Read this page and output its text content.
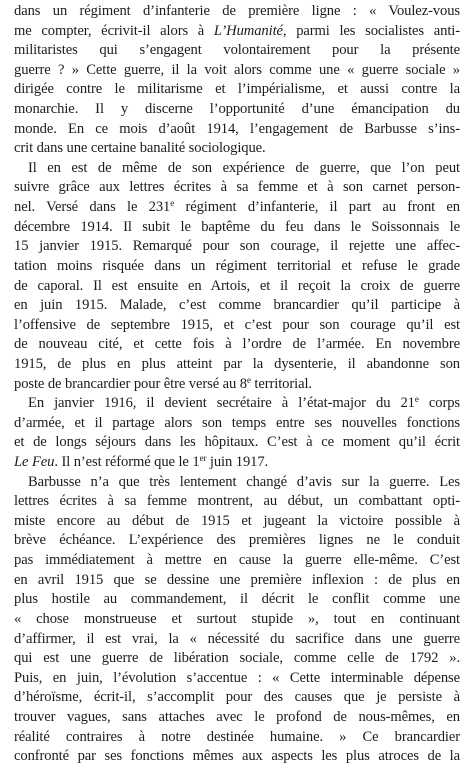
dans un régiment d’infanterie de première ligne : « Voulez-vous
me compter, écrivit-il alors à L’Humanité, parmi les socialistes anti-
militaristes qui s’engagent volontairement pour la présente
guerre ? » Cette guerre, il la voit alors comme une « guerre sociale »
dirigée contre le militarisme et l’impérialisme, et aussi contre la
monarchie. Il y discerne l’opportunité d’une émancipation du
monde. En ce mois d’août 1914, l’engagement de Barbusse s’ins-
crit dans une certaine banalité sociologique.
Il en est de même de son expérience de guerre, que l’on peut
suivre grâce aux lettres écrites à sa femme et à son carnet person-
nel. Versé dans le 231e régiment d’infanterie, il part au front en
décembre 1914. Il subit le baptême du feu dans le Soissonnais le
15 janvier 1915. Remarqué pour son courage, il rejette une affec-
tation moins risquée dans un régiment territorial et refuse le grade
de caporal. Il est ensuite en Artois, et il reçoit la croix de guerre
en juin 1915. Malade, c’est comme brancardier qu’il participe à
l’offensive de septembre 1915, et c’est pour son courage qu’il est
de nouveau cité, et cette fois à l’ordre de l’armée. En novembre
1915, de plus en plus atteint par la dysenterie, il abandonne son
poste de brancardier pour être versé au 8e territorial.
En janvier 1916, il devient secrétaire à l’état-major du 21e corps
d’armée, et il partage alors son temps entre ses nouvelles fonctions
et de longs séjours dans les hôpitaux. C’est à ce moment qu’il écrit
Le Feu. Il n’est réformé que le 1er juin 1917.
Barbusse n’a que très lentement changé d’avis sur la guerre. Les
lettres écrites à sa femme montrent, au début, un combattant opti-
miste encore au début de 1915 et jugeant la victoire possible à
brève échéance. L’expérience des premières lignes ne le conduit
pas immédiatement à mettre en cause la guerre elle-même. C’est
en avril 1915 que se dessine une première inflexion : de plus en
plus hostile au commandement, il décrit le conflit comme une
« chose monstrueuse et surtout stupide », tout en continuant
d’affirmer, il est vrai, la « nécessité du sacrifice dans une guerre
qui est une guerre de libération sociale, comme celle de 1792 ».
Puis, en juin, l’évolution s’accentue : « Cette interminable dépense
d’héroïsme, écrit-il, s’accomplit pour des causes que je persiste à
trouver vagues, sans attaches avec le profond de nous-mêmes, en
réalité contraires à notre destinée humaine. » Ce brancardier
confronté par ses fonctions mêmes aux aspects les plus atroces de la
